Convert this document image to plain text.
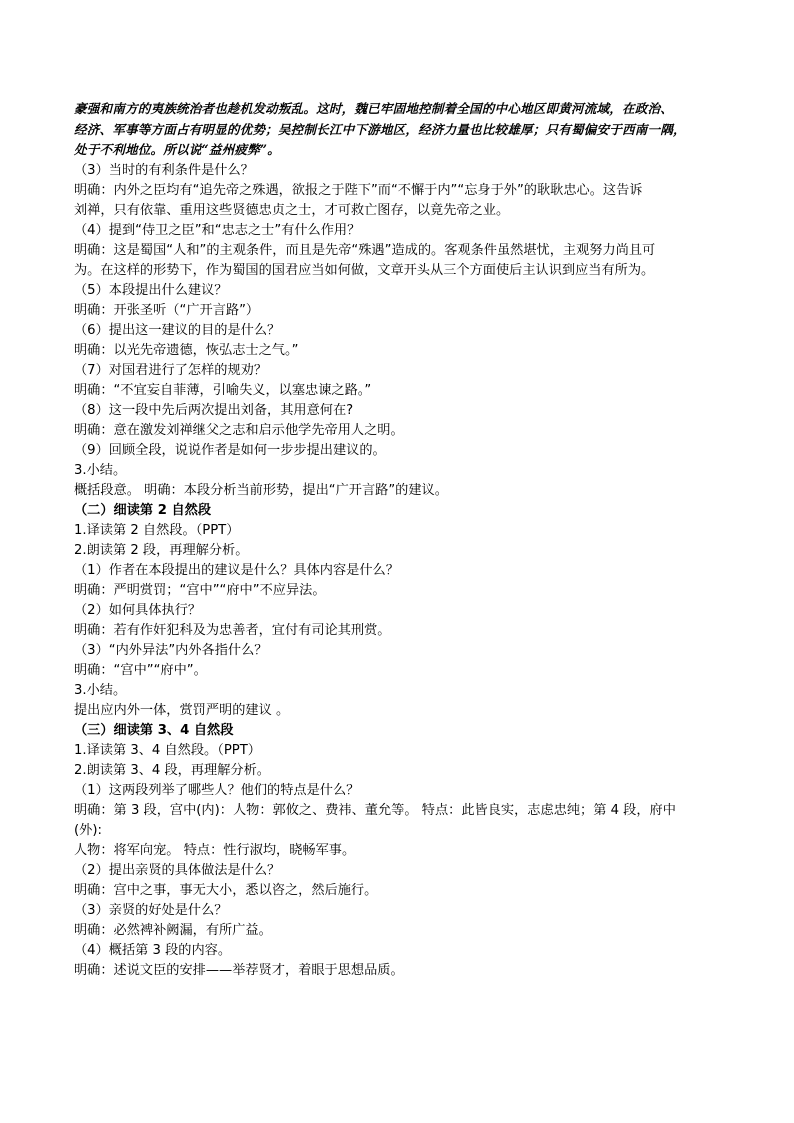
豪强和南方的夷族统治者也趁机发动叛乱。这时，魏已牢固地控制着全国的中心地区即黄河流域，在政治、
经济、军事等方面占有明显的优势；吴控制长江中下游地区，经济力量也比较雄厚；只有蜀偏安于西南一隅，
处于不利地位。所以说“益州疲弊”。
（3）当时的有利条件是什么？
明确：内外之臣均有“追先帝之殊遇，欲报之于陛下”而“不懈于内”“忘身于外”的耿耿忠心。这告诉
刘禅，只有依靠、重用这些贤德忠贞之士，才可救亡图存，以竟先帝之业。
（4）提到“侍卫之臣”和“忠志之士”有什么作用？
明确：这是蜀国“人和”的主观条件，而且是先帝“殊遇”造成的。客观条件虽然堪忧，主观努力尚且可
为。在这样的形势下，作为蜀国的国君应当如何做，文章开头从三个方面使后主认识到应当有所为。
（5）本段提出什么建议？
明确：开张圣听（“广开言路”）
（6）提出这一建议的目的是什么？
明确：以光先帝遗德，恢弘志士之气。”
（7）对国君进行了怎样的规劝？
明确：“不宜妄自菲薄，引喻失义，以塞忠谏之路。”
（8）这一段中先后两次提出刘备，其用意何在?
明确：意在激发刘禅继父之志和启示他学先帝用人之明。
（9）回顾全段，说说作者是如何一步步提出建议的。
3.小结。
概括段意。 明确：本段分析当前形势，提出“广开言路”的建议。
（二）细读第 2 自然段
1.译读第 2 自然段。（PPT）
2.朗读第 2 段，再理解分析。
（1）作者在本段提出的建议是什么？具体内容是什么？
明确：严明赏罚；“宫中”“府中”不应异法。
（2）如何具体执行？
明确：若有作奸犯科及为忠善者，宜付有司论其刑赏。
（3）“内外异法”内外各指什么？
明确：“宫中”“府中”。
3.小结。
提出应内外一体，赏罚严明的建议 。
（三）细读第 3、4 自然段
1.译读第 3、4 自然段。（PPT）
2.朗读第 3、4 段，再理解分析。
（1）这两段列举了哪些人？他们的特点是什么？
明确：第 3 段，宫中(内)：人物：郭攸之、费祎、董允等。 特点：此皆良实，志虑忠纯；第 4 段，府中
(外):
人物：将军向宠。 特点：性行淑均，晓畅军事。
（2）提出亲贤的具体做法是什么？
明确：宫中之事，事无大小，悉以咨之，然后施行。
（3）亲贤的好处是什么？
明确：必然裨补阙漏，有所广益。
（4）概括第 3 段的内容。
明确：述说文臣的安排——举荐贤才，着眼于思想品质。
